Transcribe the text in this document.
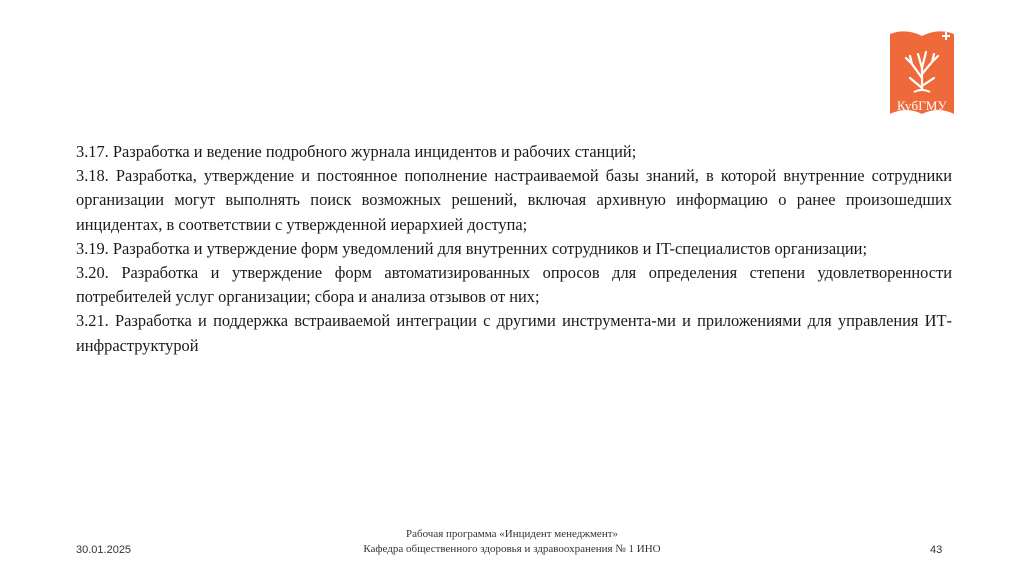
КубГМУ
1920

3.17. Разработка и ведение подробного журнала инцидентов и рабочих станций;

3.18. Разработка, утверждение и постоянное пополнение настраиваемой базы знаний, в которой внутренние сотрудники организации могут выполнять поиск возможных решений, включая архивную информацию о ранее произошедших инцидентах, в соответствии с утвержденной иерархией доступа;

3.19. Разработка и утверждение форм уведомлений для внутренних сотрудников и IT-специалистов организации;

3.20. Разработка и утверждение форм автоматизированных опросов для определения степени удовлетворенности потребителей услуг организации; сбора и анализа отзывов от них;

3.21. Разработка и поддержка встраиваемой интеграции с другими инструмента-ми и приложениями для управления ИТ-инфраструктурой

30.01.2025
Рабочая программа «Инцидент менеджмент»
Кафедра общественного здоровья и здравоохранения № 1 ИНО	43
